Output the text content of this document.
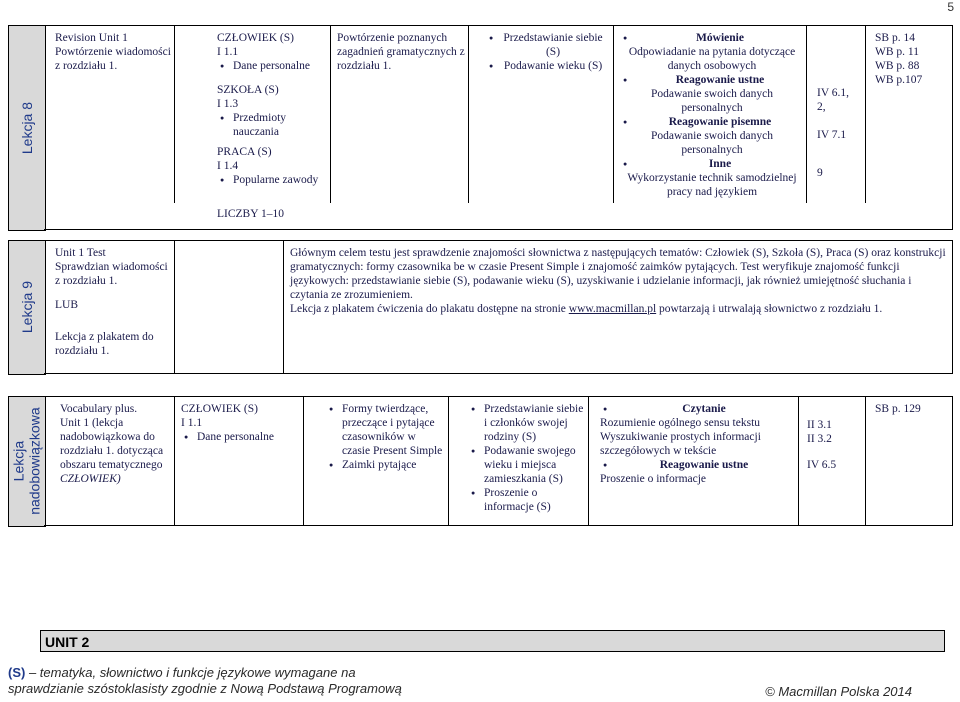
5
Lekcja 8

Revision Unit 1 Powtórzenie wiadomości z rozdziału 1.

CZŁOWIEK (S)

I 1.1

● Dane personalne

SZKOŁA (S)

I 1.3

● Przedmioty nauczania

PRACA (S)

I 1.4

● Popularne zawody

LICZBY 1–10

Powtórzenie poznanych zagadnień gramatycznych z rozdziału 1.

● Przedstawianie siebie (S)
● Podawanie wieku (S)
● Mówienie

Odpowiadanie na pytania dotyczące danych osobowych

● Reagowanie ustne

Podawanie swoich danych personalnych

● Reagowanie pisemne

Podawanie swoich danych personalnych

● Inne

Wykorzystanie technik samodzielnej pracy nad językiem

IV 6.1,

2,

IV 7.1

9

SB p. 14

WB p. 11

WB p. 88

WB p.107

Lekcja 9

Unit 1 Test

Sprawdzian wiadomości z rozdziału 1.

LUB

Lekcja z plakatem do rozdziału 1.

Głównym celem testu jest sprawdzenie znajomości słownictwa z następujących tematów: Człowiek (S), Szkoła (S), Praca (S) oraz konstrukcji gramatycznych: formy czasownika be w czasie Present Simple i znajomość zaimków pytających. Test weryfikuje znajomość funkcji językowych: przedstawianie siebie (S), podawanie wieku (S), uzyskiwanie i udzielanie informacji, jak również umiejętność słuchania i czytania ze zrozumieniem.

Lekcja z plakatem ćwiczenia do plakatu dostępne na stronie www.macmillan.pl powtarzają i utrwalają słownictwo z rozdziału 1.

Lekcja nadobowiązkowa Vocabulary plus.

Unit 1 (lekcja nadobowiązkowa do rozdziału 1. dotycząca obszaru tematycznego

CZŁOWIEK)

CZŁOWIEK (S)

I 1.1

● Dane personalne
● Formy twierdzące, przeczące i pytające czasowników w czasie Present Simple
● Zaimki pytające
● Przedstawianie siebie i członków swojej rodziny (S)
● Podawanie swojego wieku i miejsca zamieszkania (S)
● Proszenie o informacje (S)
● Czytanie

Rozumienie ogólnego sensu tekstu Wyszukiwanie prostych informacji szczegółowych w tekście

● Reagowanie ustne

Proszenie o informacje

II 3.1

II 3.2

IV 6.5

SB p. 129

UNIT 2
(S) – tematyka, słownictwo i funkcje językowe wymagane na
sprawdzianie szóstoklasisty zgodnie z Nową Podstawą Programową	© Macmillan Polska 2014
